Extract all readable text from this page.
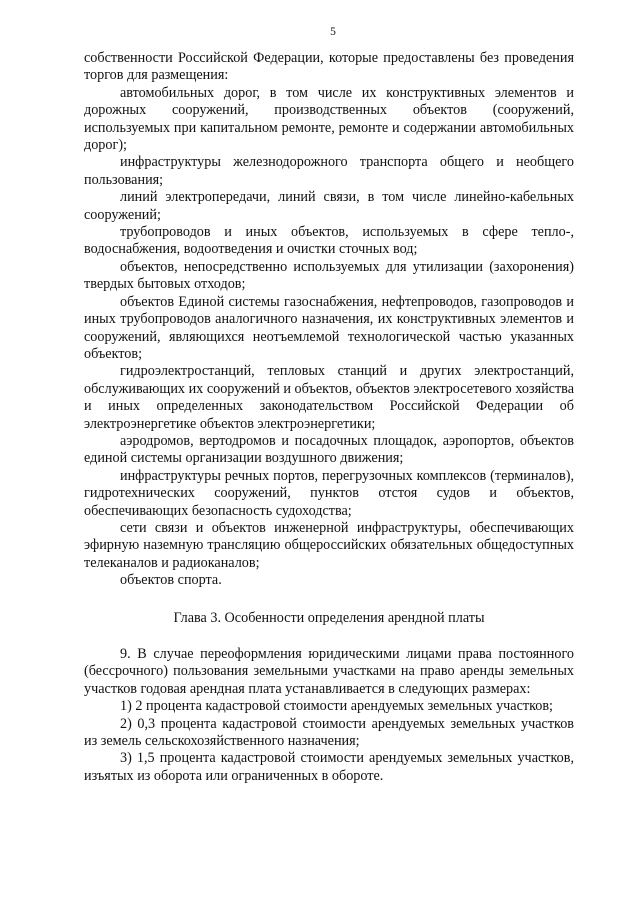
5

собственности Российской Федерации, которые предоставлены без проведения торгов для размещения:

автомобильных дорог, в том числе их конструктивных элементов и дорожных сооружений, производственных объектов (сооружений, используемых при капитальном ремонте, ремонте и содержании автомобильных дорог);

инфраструктуры железнодорожного транспорта общего и необщего пользования;

линий электропередачи, линий связи, в том числе линейно-кабельных сооружений;

трубопроводов и иных объектов, используемых в сфере тепло-, водоснабжения, водоотведения и очистки сточных вод;

объектов, непосредственно используемых для утилизации (захоронения) твердых бытовых отходов;

объектов Единой системы газоснабжения, нефтепроводов, газопроводов и иных трубопроводов аналогичного назначения, их конструктивных элементов и сооружений, являющихся неотъемлемой технологической частью указанных объектов;

гидроэлектростанций, тепловых станций и других электростанций, обслуживающих их сооружений и объектов, объектов электросетевого хозяйства и иных определенных законодательством Российской Федерации об электроэнергетике объектов электроэнергетики;

аэродромов, вертодромов и посадочных площадок, аэропортов, объектов единой системы организации воздушного движения;

инфраструктуры речных портов, перегрузочных комплексов (терминалов), гидротехнических сооружений, пунктов отстоя судов и объектов, обеспечивающих безопасность судоходства;

сети связи и объектов инженерной инфраструктуры, обеспечивающих эфирную наземную трансляцию общероссийских обязательных общедоступных телеканалов и радиоканалов;

объектов спорта.

Глава 3. Особенности определения арендной платы

9. В случае переоформления юридическими лицами права постоянного (бессрочного) пользования земельными участками на право аренды земельных участков годовая арендная плата устанавливается в следующих размерах:

1) 2 процента кадастровой стоимости арендуемых земельных участков;

2) 0,3 процента кадастровой стоимости арендуемых земельных участков из земель сельскохозяйственного назначения;

3) 1,5 процента кадастровой стоимости арендуемых земельных участков, изъятых из оборота или ограниченных в обороте.
